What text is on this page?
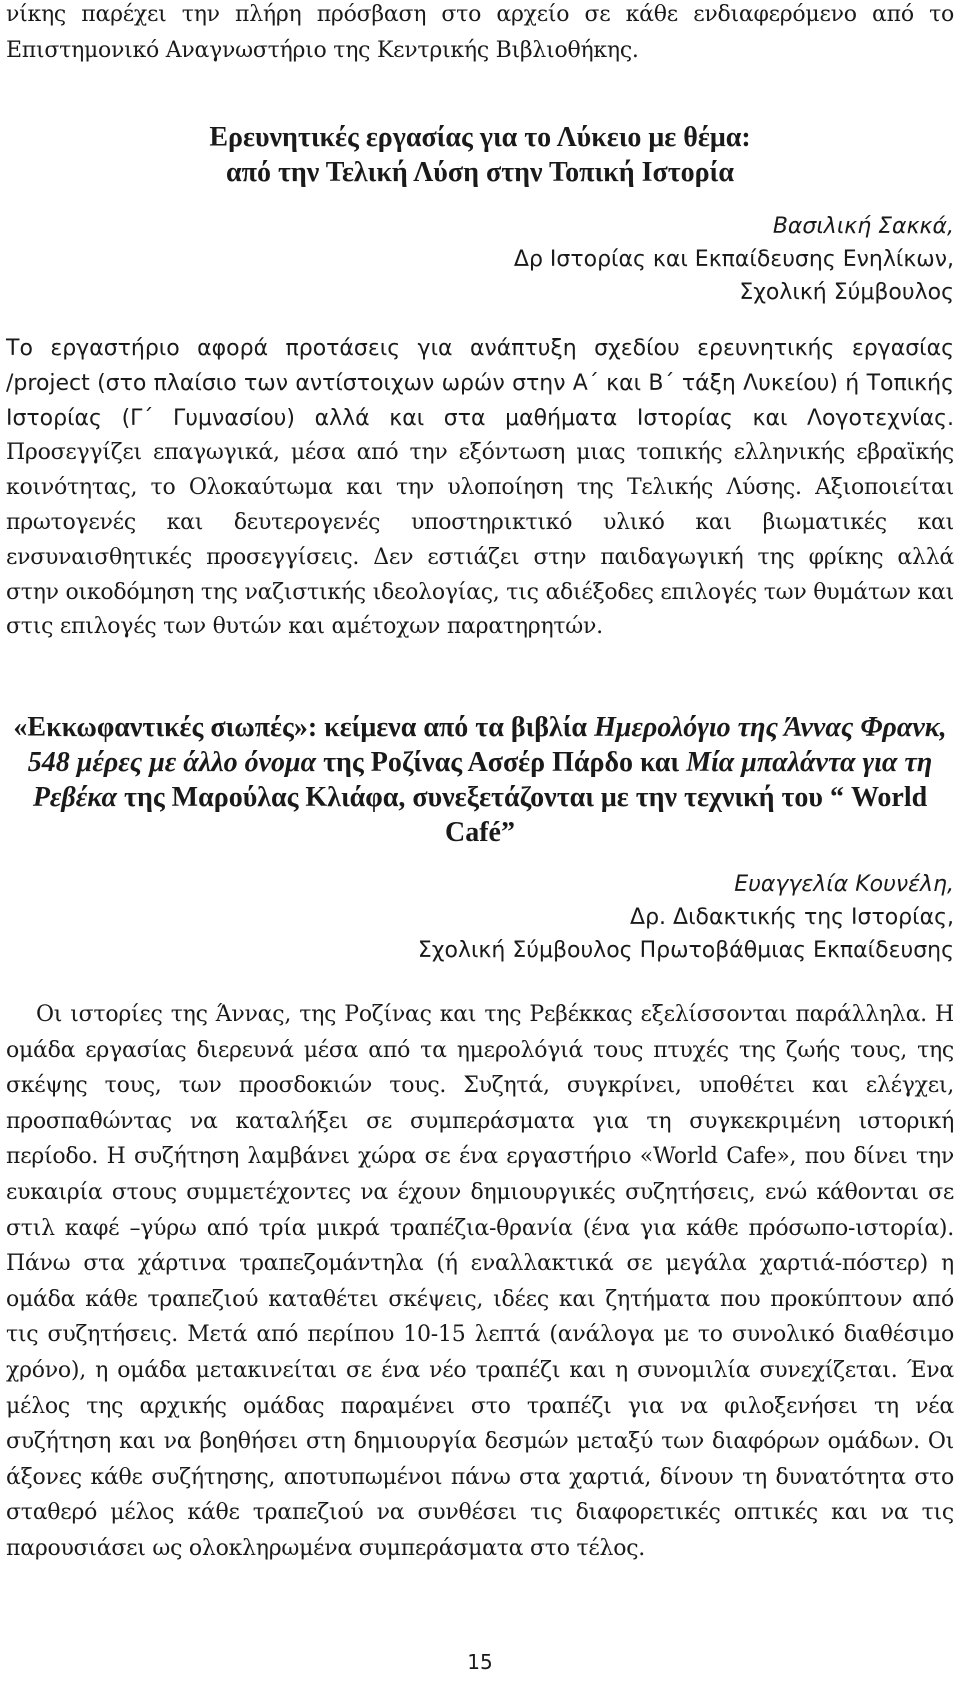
νίκης παρέχει την πλήρη πρόσβαση στο αρχείο σε κάθε ενδιαφερόμενο από το Επιστημονικό Αναγνωστήριο της Κεντρικής Βιβλιοθήκης.

Ερευνητικές εργασίας για το Λύκειο με θέμα:
από την Τελική Λύση στην Τοπική Ιστορία
Βασιλική Σακκά,
Δρ Ιστορίας και Εκπαίδευσης Ενηλίκων,
Σχολική Σύμβουλος

Το εργαστήριο αφορά προτάσεις για ανάπτυξη σχεδίου ερευνητικής εργασίας /project (στο πλαίσιο των αντίστοιχων ωρών στην Α΄ και Β΄ τάξη Λυκείου) ή Τοπικής Ιστορίας (Γ΄ Γυμνασίου) αλλά και στα μαθήματα Ιστορίας και Λογοτεχνίας. Προσεγγίζει επαγωγικά, μέσα από την εξόντωση μιας τοπικής ελληνικής εβραϊκής κοινότητας, το Ολοκαύτωμα και την υλοποίηση της Τελικής Λύσης. Αξιοποιείται πρωτογενές και δευτερογενές υποστηρικτικό υλικό και βιωματικές και ενσυναισθητικές προσεγγίσεις. Δεν εστιάζει στην παιδαγωγική της φρίκης αλλά στην οικοδόμηση της ναζιστικής ιδεολογίας, τις αδιέξοδες επιλογές των θυμάτων και στις επιλογές των θυτών και αμέτοχων παρατηρητών.

«Εκκωφαντικές σιωπές»: κείμενα από τα βιβλία Ημερολόγιο της Άννας Φρανκ, 548 μέρες με άλλο όνομα της Ροζίνας Ασσέρ Πάρδο και Μία μπαλάντα για τη Ρεβέκα της Μαρούλας Κλιάφα, συνεξετάζονται με την τεχνική του “ World Café”
Ευαγγελία Κουνέλη,
Δρ. Διδακτικής της Ιστορίας,
Σχολική Σύμβουλος Πρωτοβάθμιας Εκπαίδευσης

Οι ιστορίες της Άννας, της Ροζίνας και της Ρεβέκκας εξελίσσονται παράλληλα. Η ομάδα εργασίας διερευνά μέσα από τα ημερολόγιά τους πτυχές της ζωής τους, της σκέψης τους, των προσδοκιών τους. Συζητά, συγκρίνει, υποθέτει και ελέγχει, προσπαθώντας να καταλήξει σε συμπεράσματα για τη συγκεκριμένη ιστορική περίοδο. Η συζήτηση λαμβάνει χώρα σε ένα εργαστήριο «World Cafe», που δίνει την ευκαιρία στους συμμετέχοντες να έχουν δημιουργικές συζητήσεις, ενώ κάθονται σε στιλ καφέ –γύρω από τρία μικρά τραπέζια-θρανία (ένα για κάθε πρόσωπο-ιστορία). Πάνω στα χάρτινα τραπεζομάντηλα (ή εναλλακτικά σε μεγάλα χαρτιά-πόστερ) η ομάδα κάθε τραπεζιού καταθέτει σκέψεις, ιδέες και ζητήματα που προκύπτουν από τις συζητήσεις. Μετά από περίπου 10-15 λεπτά (ανάλογα με το συνολικό διαθέσιμο χρόνο), η ομάδα μετακινείται σε ένα νέο τραπέζι και η συνομιλία συνεχίζεται. Ένα μέλος της αρχικής ομάδας παραμένει στο τραπέζι για να φιλοξενήσει τη νέα συζήτηση και να βοηθήσει στη δημιουργία δεσμών μεταξύ των διαφόρων ομάδων. Οι άξονες κάθε συζήτησης, αποτυπωμένοι πάνω στα χαρτιά, δίνουν τη δυνατότητα στο σταθερό μέλος κάθε τραπεζιού να συνθέσει τις διαφορετικές οπτικές και να τις παρουσιάσει ως ολοκληρωμένα συμπεράσματα στο τέλος.

15
